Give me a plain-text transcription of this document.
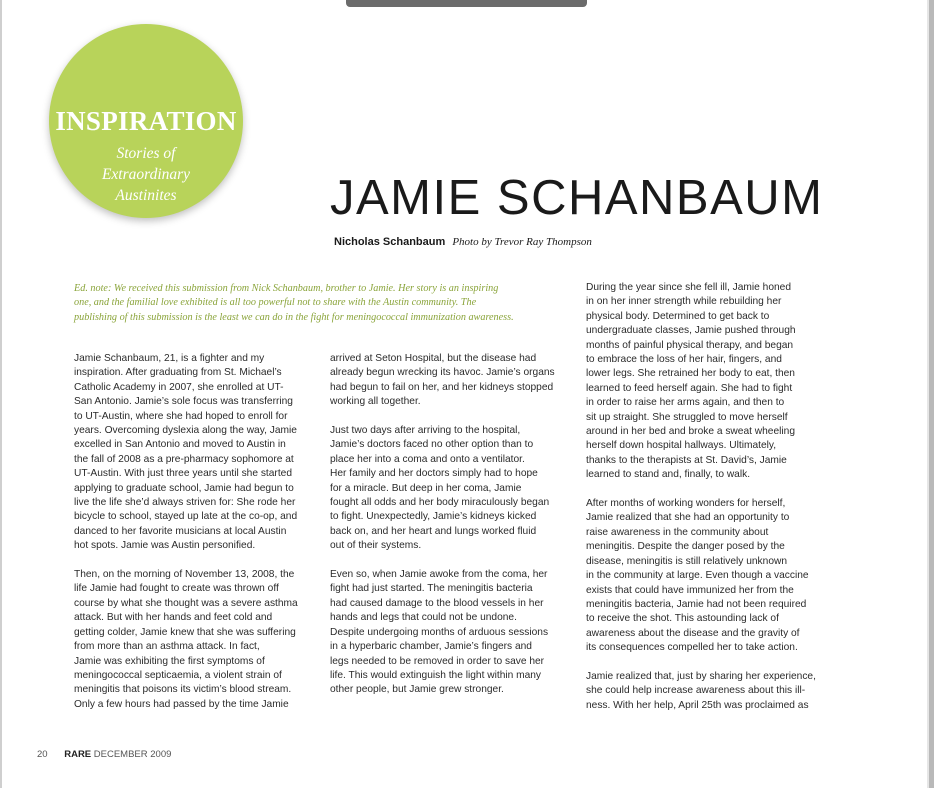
INSPIRATION
Stories of
Extraordinary
Austinites	JAMIE SCHANBAUM
Nicholas Schanbaum Photo by Trevor Ray Thompson
Ed. note: We received this submission from Nick Schanbaum, brother to Jamie. Her story is an inspiring
one, and the familial love exhibited is all too powerful not to share with the Austin community. The
publishing of this submission is the least we can do in the fight for meningococcal immunization awareness.
Jamie Schanbaum, 21, is a fighter and my
inspiration. After graduating from St. Michael’s
Catholic Academy in 2007, she enrolled at UT-
San Antonio. Jamie’s sole focus was transferring
to UT-Austin, where she had hoped to enroll for
years. Overcoming dyslexia along the way, Jamie
excelled in San Antonio and moved to Austin in
the fall of 2008 as a pre-pharmacy sophomore at
UT-Austin. With just three years until she started
applying to graduate school, Jamie had begun to
live the life she’d always striven for: She rode her
bicycle to school, stayed up late at the co-op, and
danced to her favorite musicians at local Austin
hot spots. Jamie was Austin personified.
Then, on the morning of November 13, 2008, the
life Jamie had fought to create was thrown off
course by what she thought was a severe asthma
attack. But with her hands and feet cold and
getting colder, Jamie knew that she was suffering
from more than an asthma attack. In fact,
Jamie was exhibiting the first symptoms of
meningococcal septicaemia, a violent strain of
meningitis that poisons its victim’s blood stream.
Only a few hours had passed by the time Jamie
arrived at Seton Hospital, but the disease had
already begun wrecking its havoc. Jamie’s organs
had begun to fail on her, and her kidneys stopped
working all together.
Just two days after arriving to the hospital,
Jamie’s doctors faced no other option than to
place her into a coma and onto a ventilator.
Her family and her doctors simply had to hope
for a miracle. But deep in her coma, Jamie
fought all odds and her body miraculously began
to fight. Unexpectedly, Jamie’s kidneys kicked
back on, and her heart and lungs worked fluid
out of their systems.
Even so, when Jamie awoke from the coma, her
fight had just started. The meningitis bacteria
had caused damage to the blood vessels in her
hands and legs that could not be undone.
Despite undergoing months of arduous sessions
in a hyperbaric chamber, Jamie’s fingers and
legs needed to be removed in order to save her
life. This would extinguish the light within many
other people, but Jamie grew stronger.
During the year since she fell ill, Jamie honed
in on her inner strength while rebuilding her
physical body. Determined to get back to
undergraduate classes, Jamie pushed through
months of painful physical therapy, and began
to embrace the loss of her hair, fingers, and
lower legs. She retrained her body to eat, then
learned to feed herself again. She had to fight
in order to raise her arms again, and then to
sit up straight. She struggled to move herself
around in her bed and broke a sweat wheeling
herself down hospital hallways. Ultimately,
thanks to the therapists at St. David’s, Jamie
learned to stand and, finally, to walk.
After months of working wonders for herself,
Jamie realized that she had an opportunity to
raise awareness in the community about
meningitis. Despite the danger posed by the
disease, meningitis is still relatively unknown
in the community at large. Even though a vaccine
exists that could have immunized her from the
meningitis bacteria, Jamie had not been required
to receive the shot. This astounding lack of
awareness about the disease and the gravity of
its consequences compelled her to take action.
Jamie realized that, just by sharing her experience,
she could help increase awareness about this ill-
ness. With her help, April 25th was proclaimed as
20 RARE DECEMBER 2009
